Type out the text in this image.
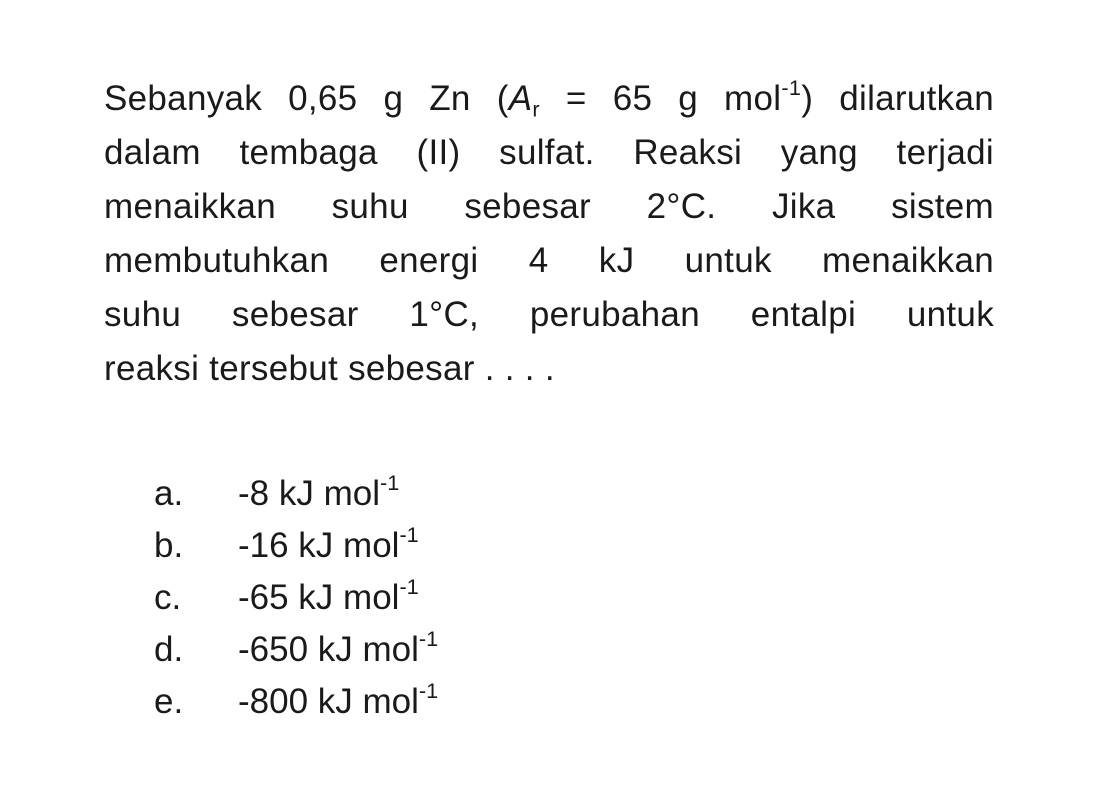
Sebanyak 0,65 g Zn ($A_r = 65$ g mol$^{-1}$) dilarutkan
dalam tembaga (II) sulfat. Reaksi yang terjadi
menaikkan suhu sebesar 2°C. Jika sistem
membutuhkan energi 4 kJ untuk menaikkan
suhu sebesar 1°C, perubahan entalpi untuk
reaksi tersebut sebesar . . . .
a.	-8 kJ mol$^{-1}$
b.	-16 kJ mol$^{-1}$
c.	-65 kJ mol$^{-1}$
d.	-650 kJ mol$^{-1}$
e.	-800 kJ mol$^{-1}$
